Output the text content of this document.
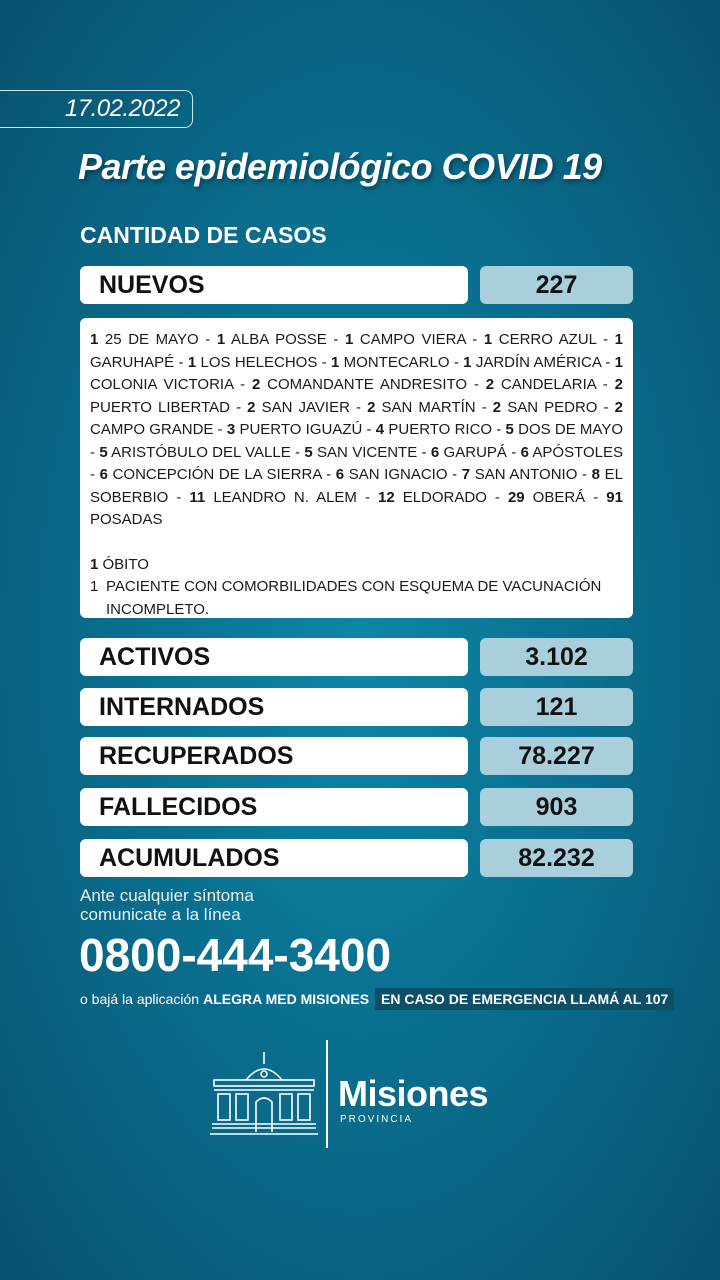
17.02.2022
Parte epidemiológico COVID 19
CANTIDAD DE CASOS
NUEVOS	227
1 25 DE MAYO - 1 ALBA POSSE - 1 CAMPO VIERA - 1 CERRO AZUL - 1 GARUHAPÉ - 1 LOS HELECHOS - 1 MONTECARLO - 1 JARDÍN AMÉRICA - 1 COLONIA VICTORIA - 2 COMANDANTE ANDRESITO - 2 CANDELARIA - 2 PUERTO LIBERTAD - 2 SAN JAVIER - 2 SAN MARTÍN - 2 SAN PEDRO - 2 CAMPO GRANDE - 3 PUERTO IGUAZÚ - 4 PUERTO RICO - 5 DOS DE MAYO - 5 ARISTÓBULO DEL VALLE - 5 SAN VICENTE - 6 GARUPÁ - 6 APÓSTOLES - 6 CONCEPCIÓN DE LA SIERRA - 6 SAN IGNACIO - 7 SAN ANTONIO - 8 EL SOBERBIO - 11 LEANDRO N. ALEM - 12 ELDORADO - 29 OBERÁ - 91 POSADAS
1 ÓBITO
1 PACIENTE CON COMORBILIDADES CON ESQUEMA DE VACUNACIÓN INCOMPLETO.
ACTIVOS	3.102
INTERNADOS	121
RECUPERADOS	78.227
FALLECIDOS	903
ACUMULADOS	82.232
Ante cualquier síntoma
comunicate a la línea
0800-444-3400
o bajá la aplicación ALEGRA MED MISIONES EN CASO DE EMERGENCIA LLAMÁ AL 107
Misiones
PROVINCIA
